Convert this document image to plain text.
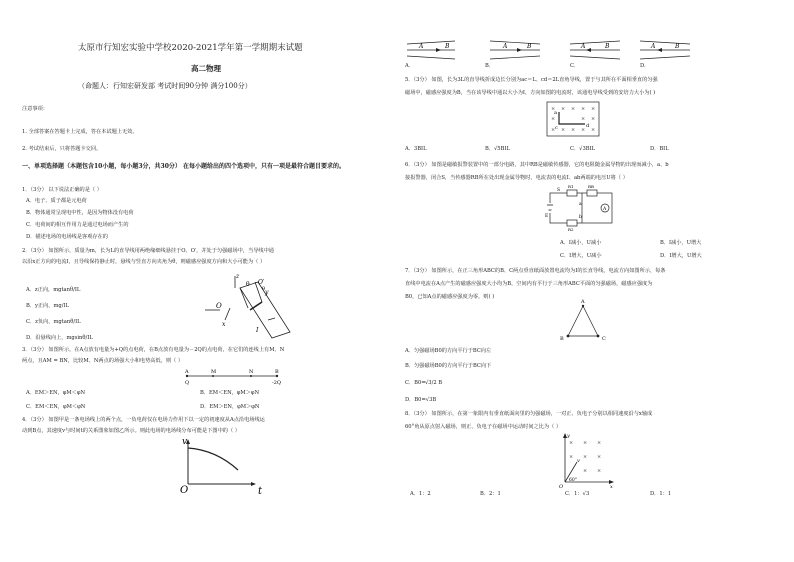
太原市行知宏实验中学校2020-2021学年第一学期期末试题
高二物理
（命题人：行知宏研发部 考试时间90分钟 满分100分）
注意事项：
1. 全部答案在答题卡上完成，答在本试题上无效。
2. 考试结束后，只将答题卡交回。
一、单项选择题（本题包含10小题，每小题3分，共30分） 在每小题给出的四个选项中，只有一项是最符合题目要求的。
1．（3分） 以下说法正确的是（ ）
A．电子、质子都是元电荷
B．物体通常呈现电中性，是因为物体没有电荷
C．电荷间的相互作用力是通过电场而产生的
D．描述电场的电场线是客观存在的
2．（3分） 如图所示，质量为m，长为L的直导线用两绝缘细线悬挂于O、O′，并处于匀强磁场中，当导线中通
以沿x正方向的电流I，且导线保持静止时，悬线与竖直方向夹角为θ，则磁感应强度方向和大小可能为（ ）
A．z正向，mgtanθ/IL
B．y正向，mg/IL
C．z负向，mgtanθ/IL
D．沿悬线向上，mgsinθ/IL
z
θ
O
x
O′
I
y
θ
3．（3分） 如图所示，在A点放有电量为+Q的点电荷，在B点放有电量为－2Q的点电荷，在它们的连线上有M、N
两点，且AM = BN，比较M、N两点的场强大小和电势高低，则（ ）
A	M	N	B
Q	-2Q
A．EM＞EN，φM＜φN	B．EM＜EN，φM＞φN
C．EM＜EN，φM＜φN	D．EM＞EN，φM＞φN
4．（3分） 如图甲是一条电场线上的两个点，一负电荷仅在电场力作用下以一定的初速度从A点沿电场线运
动到B点，其速度v与时间t的关系图象如图乙所示。则此电场的电场线分布可能是下图中的（ ）
v
O	t
A	B	A	B	A	B	A	B
A．	B．	C．	D．
5．（3分） 如图，长为3L的直导线折成边长分别为ac＝L、cd＝2L直角导线，置于与其所在平面相垂直的匀强
磁场中，磁感应强度为B，当在该导线中通以大小为I，方向如图的电流时，该通电导线受到的安培力大小为( )
× × × × ×
×	× ×
× × × × ×
a
c	d
A．3BIL	B．√5BIL	C．√3BIL	D．BIL
6．（3分） 如图是磁敏报警装置中的一部分电路，其中RB是磁敏传感器，它的电阻随金属导物的出现而减小，a、b
接报警器，闭合S，当传感器RB所在处出现金属导物时，电流表的电流I、ab两端的电压U将（ ）
E
S
R1	RB
R2
a
b
A
A．I减小，U减小	B．I减小，U增大
C．I增大，U减小	D．I增大，U增大
7．（3分） 如图所示，在正三角形ABC的B、C两点垂直纸面放置电流均为I的长直导线，电流方向如图所示，每条
直线中电流在A点产生的磁感应强度大小均为B，空间内有平行于三角形ABC平面的匀强磁场，磁感应强度为
B0，已知A点的磁感应强度为零，则( )
A
B	C
A．匀强磁场B0的方向平行于BC向左
B．匀强磁场B0的方向平行于BC向下
C．B0= √3/2 B
D．B0=√3B
8．（3分） 如图所示，在第一象限内有垂直纸面向里的匀强磁场，一对正、负电子分别以相同速度沿与x轴成
60°角从原点射入磁场，则正、负电子在磁场中运动时间之比为（ ）
× × ×
× × ×
× ×
y
O	x
60°
v
A．1：2	B．2：1	C．1：√3	D．1：1
